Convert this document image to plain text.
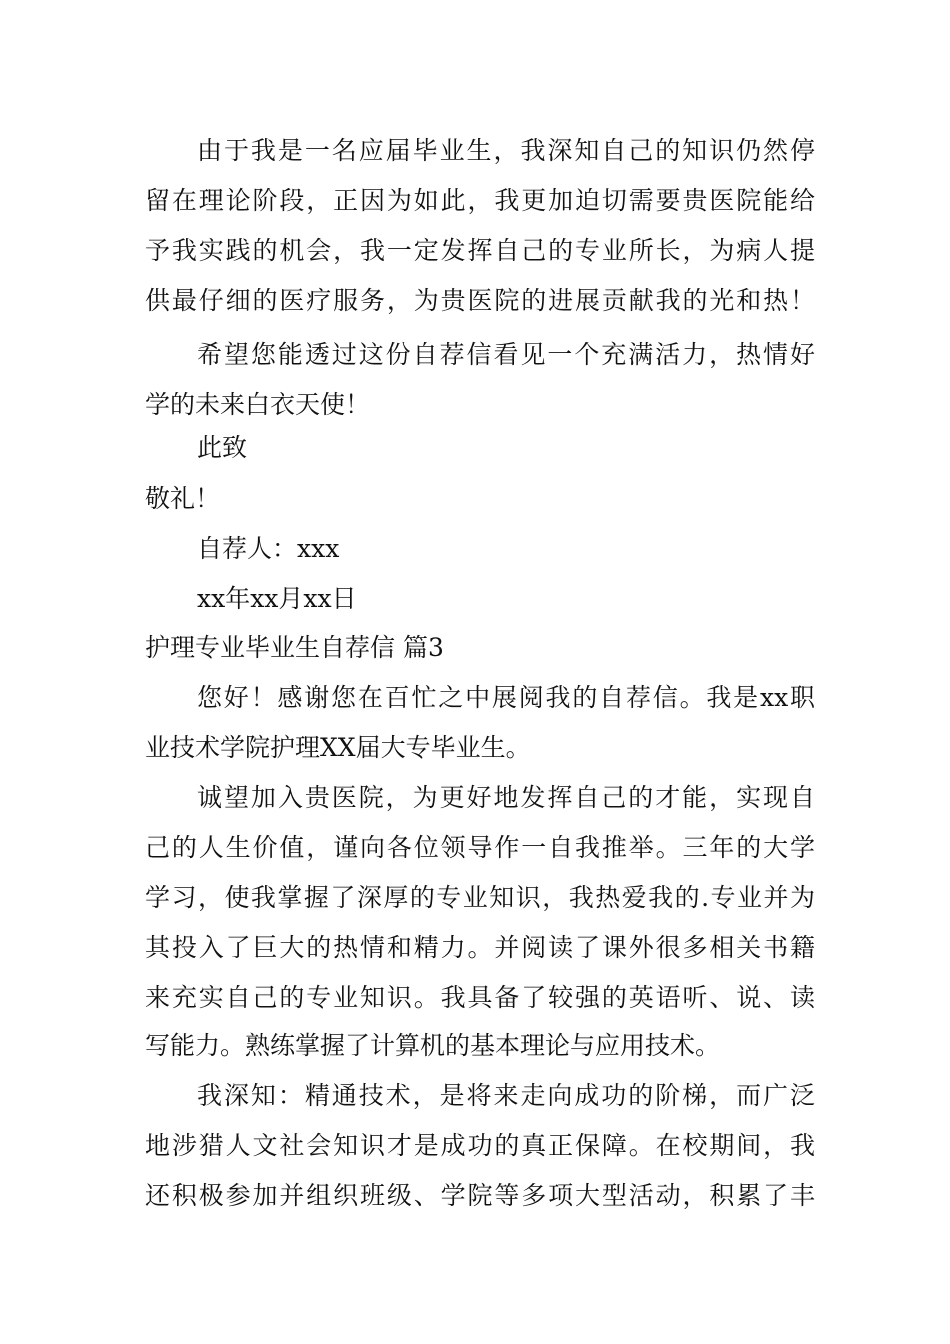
由于我是一名应届毕业生，我深知自己的知识仍然停
留在理论阶段，正因为如此，我更加迫切需要贵医院能给
予我实践的机会，我一定发挥自己的专业所长，为病人提
供最仔细的医疗服务，为贵医院的进展贡献我的光和热！
希望您能透过这份自荐信看见一个充满活力，热情好
学的未来白衣天使！
此致
敬礼！
自荐人：xxx
xx年xx月xx日
护理专业毕业生自荐信 篇3
您好！感谢您在百忙之中展阅我的自荐信。我是xx职
业技术学院护理XX届大专毕业生。
诚望加入贵医院，为更好地发挥自己的才能，实现自
己的人生价值，谨向各位领导作一自我推举。三年的大学
学习，使我掌握了深厚的专业知识，我热爱我的.专业并为
其投入了巨大的热情和精力。并阅读了课外很多相关书籍
来充实自己的专业知识。我具备了较强的英语听、说、读
写能力。熟练掌握了计算机的基本理论与应用技术。
我深知：精通技术，是将来走向成功的阶梯，而广泛
地涉猎人文社会知识才是成功的真正保障。在校期间，我
还积极参加并组织班级、学院等多项大型活动，积累了丰
